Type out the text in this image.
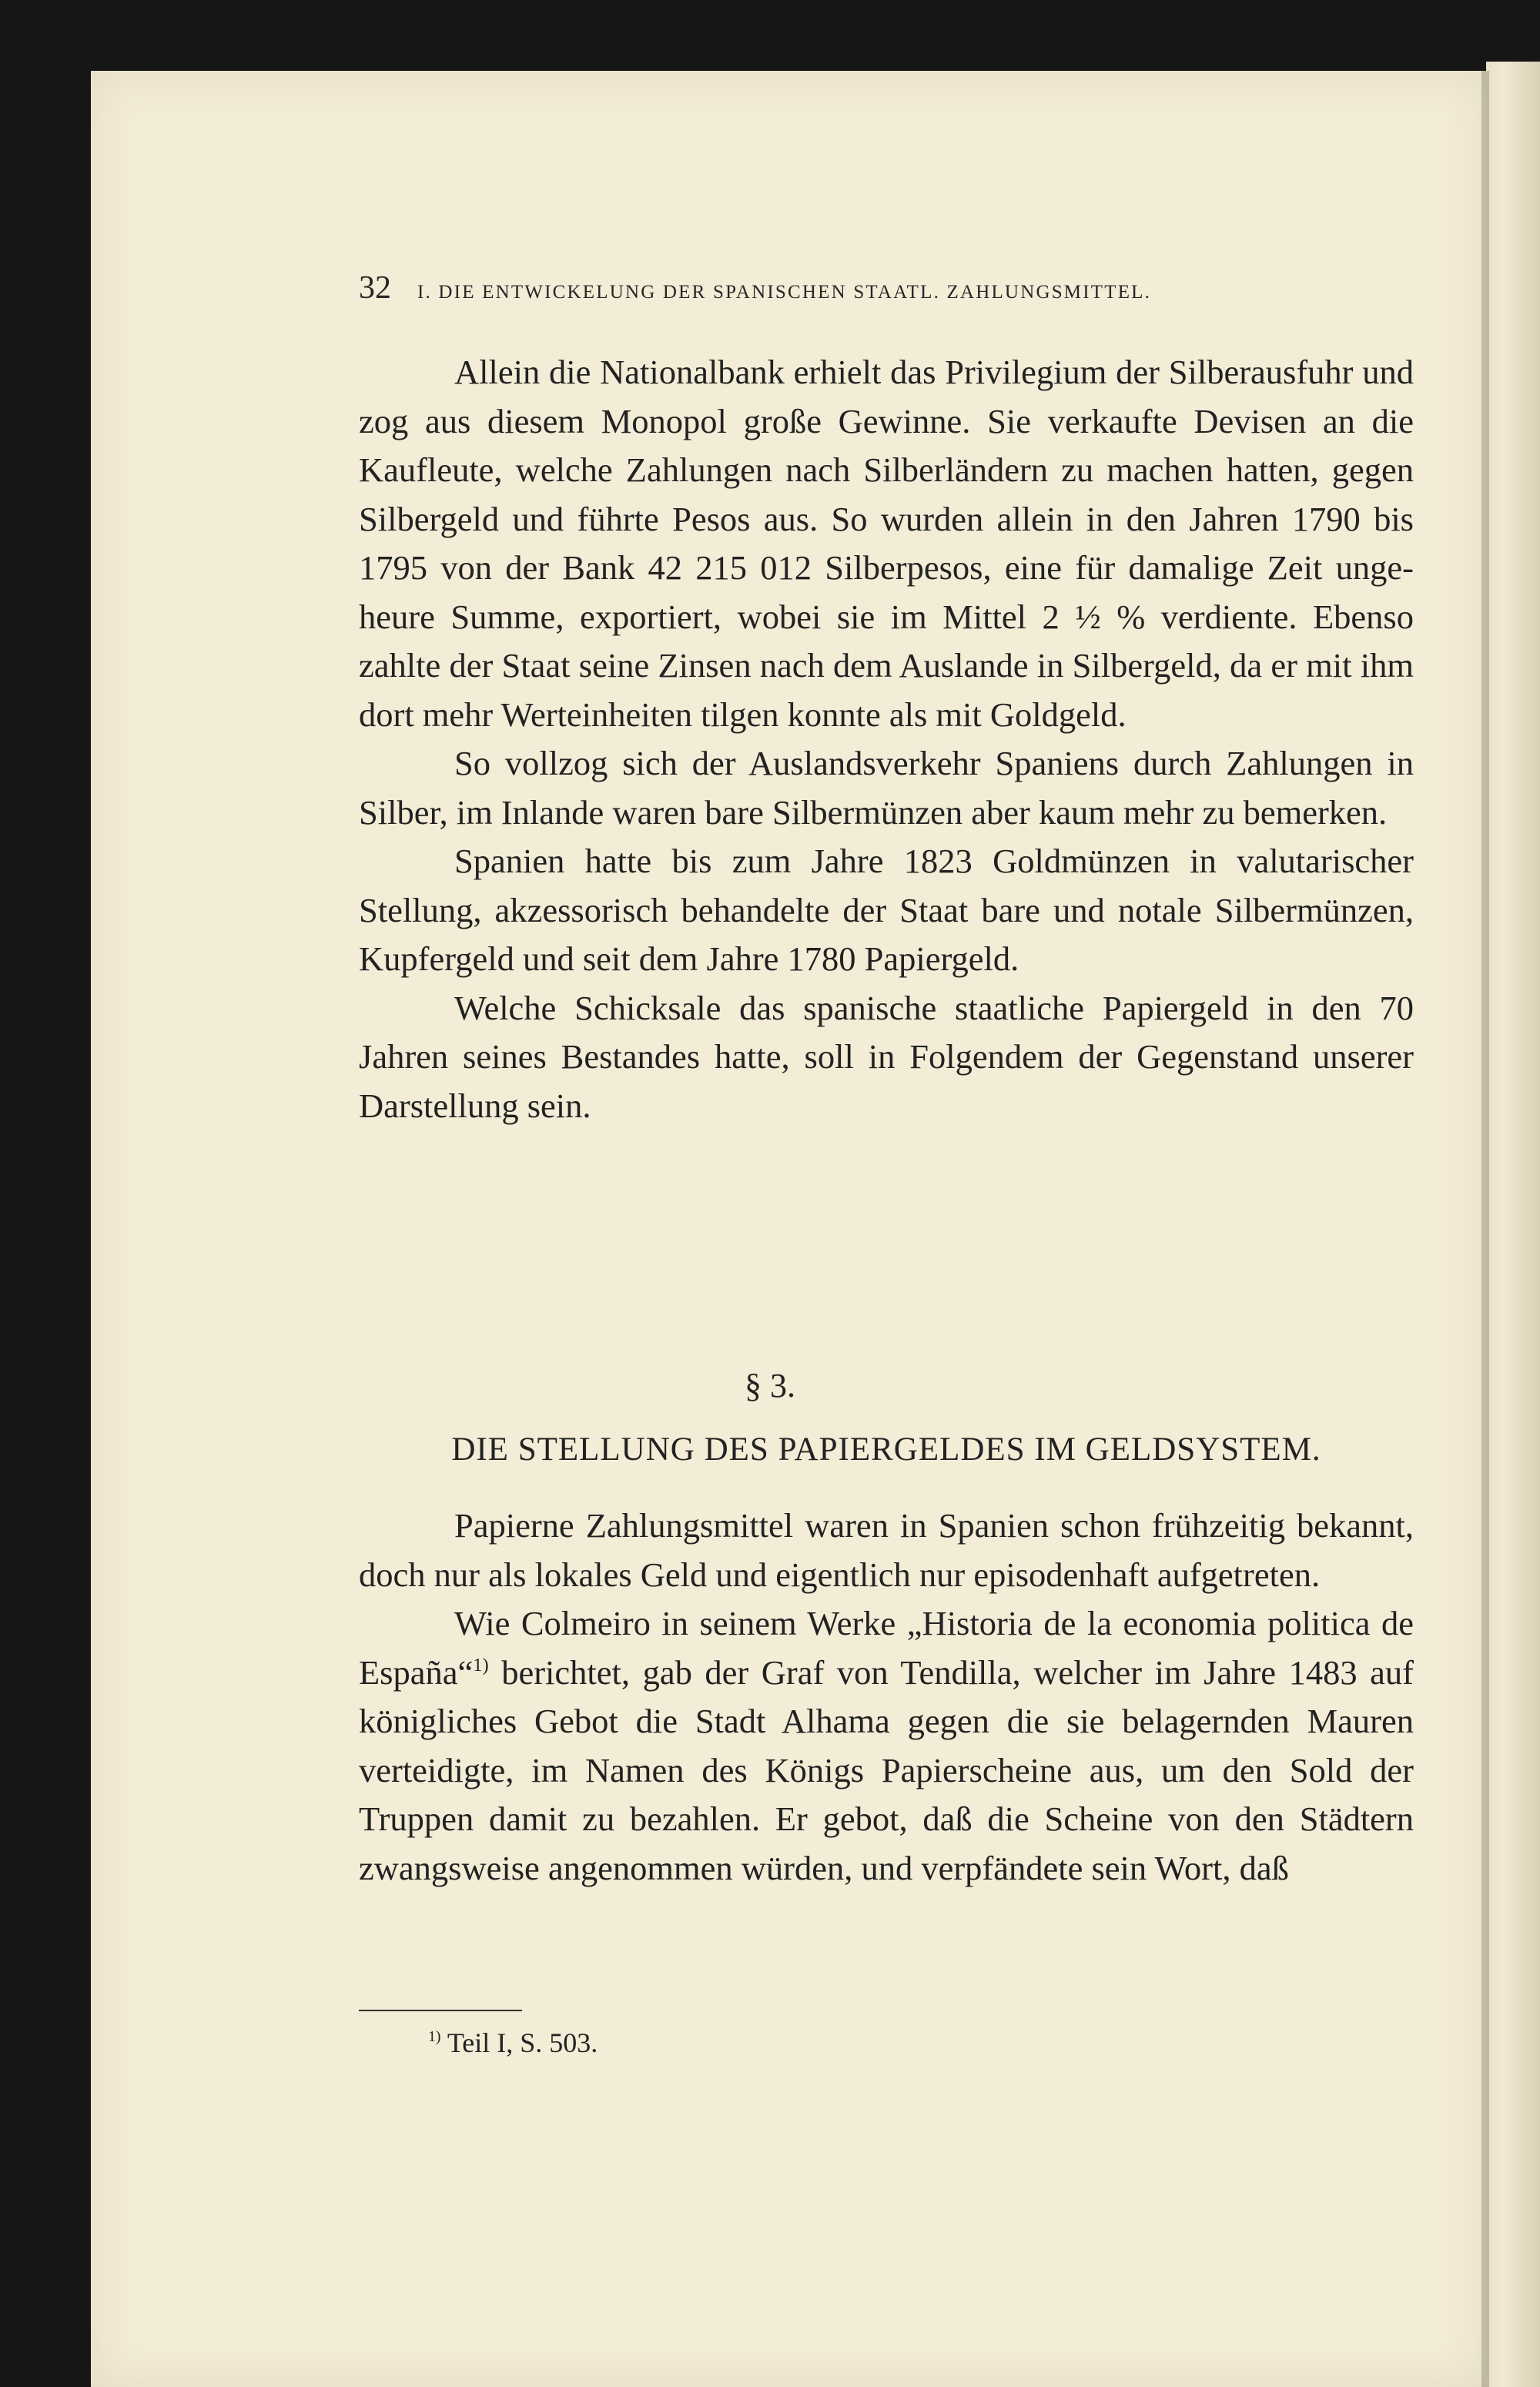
32 I. DIE ENTWICKELUNG DER SPANISCHEN STAATL. ZAHLUNGSMITTEL.

Allein die Nationalbank erhielt das Privilegium der Silberausfuhr und zog aus diesem Monopol große Gewinne. Sie verkaufte Devisen an die Kaufleute, welche Zahlungen nach Silberländern zu machen hatten, gegen Silbergeld und führte Pesos aus. So wurden allein in den Jahren 1790 bis 1795 von der Bank 42 215 012 Silberpesos, eine für damalige Zeit ungeheure Summe, exportiert, wobei sie im Mittel 2 ½ % verdiente. Ebenso zahlte der Staat seine Zinsen nach dem Auslande in Silbergeld, da er mit ihm dort mehr Werteinheiten tilgen konnte als mit Goldgeld.

So vollzog sich der Auslandsverkehr Spaniens durch Zahlungen in Silber, im Inlande waren bare Silbermünzen aber kaum mehr zu bemerken.

Spanien hatte bis zum Jahre 1823 Goldmünzen in valutarischer Stellung, akzessorisch behandelte der Staat bare und notale Silbermünzen, Kupfergeld und seit dem Jahre 1780 Papiergeld.

Welche Schicksale das spanische staatliche Papiergeld in den 70 Jahren seines Bestandes hatte, soll in Folgendem der Gegenstand unserer Darstellung sein.

§ 3.
DIE STELLUNG DES PAPIERGELDES IM GELDSYSTEM.

Papierne Zahlungsmittel waren in Spanien schon frühzeitig bekannt, doch nur als lokales Geld und eigentlich nur episodenhaft aufgetreten.

Wie Colmeiro in seinem Werke „Historia de la economia politica de España“$^{1)}$ berichtet, gab der Graf von Tendilla, welcher im Jahre 1483 auf königliches Gebot die Stadt Alhama gegen die sie belagernden Mauren verteidigte, im Namen des Königs Papierscheine aus, um den Sold der Truppen damit zu bezahlen. Er gebot, daß die Scheine von den Städtern zwangsweise angenommen würden, und verpfändete sein Wort, daß

$^{1)}$ Teil I, S. 503.
